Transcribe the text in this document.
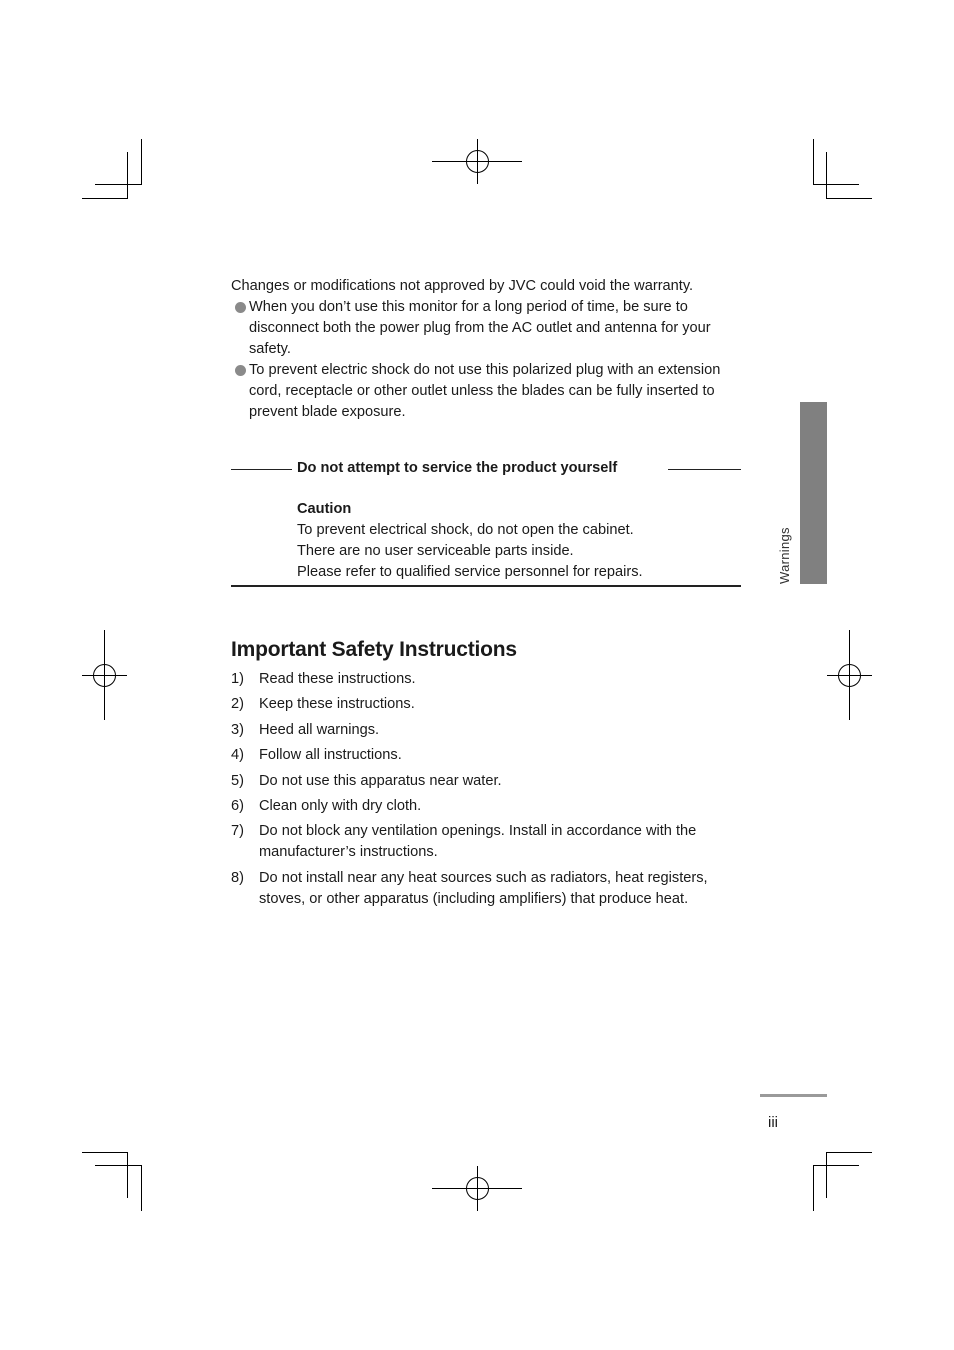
Changes or modifications not approved by JVC could void the warranty.

When you don’t use this monitor for a long period of time, be sure to disconnect both the power plug from the AC outlet and antenna for your safety.
To prevent electric shock do not use this polarized plug with an extension cord, receptacle or other outlet unless the blades can be fully inserted to prevent blade exposure.
Do not attempt to service the product yourself

Caution

To prevent electrical shock, do not open the cabinet.

There are no user serviceable parts inside.

Please refer to qualified service personnel for repairs.

Important Safety Instructions
1) Read these instructions.
2) Keep these instructions.
3) Heed all warnings.
4) Follow all instructions.
5) Do not use this apparatus near water.
6) Clean only with dry cloth.
7) Do not block any ventilation openings. Install in accordance with the manufacturer’s instructions.
8) Do not install near any heat sources such as radiators, heat registers, stoves, or other apparatus (including amplifiers) that produce heat.
Warnings
iii
